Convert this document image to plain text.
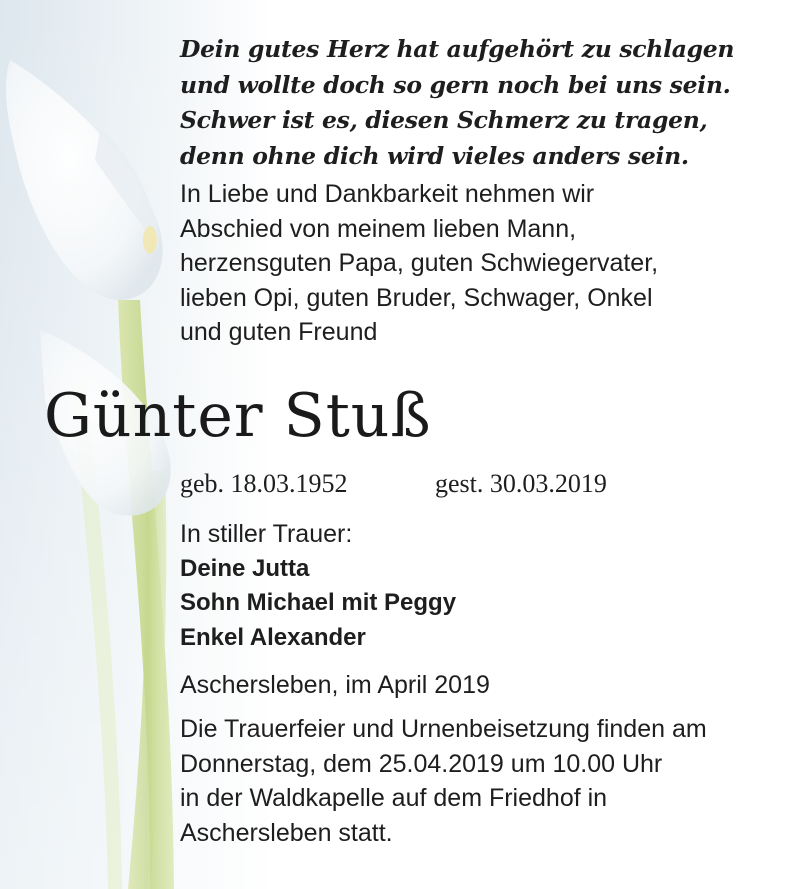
Dein gutes Herz hat aufgehört zu schlagen
und wollte doch so gern noch bei uns sein.
Schwer ist es, diesen Schmerz zu tragen,
denn ohne dich wird vieles anders sein.
In Liebe und Dankbarkeit nehmen wir
Abschied von meinem lieben Mann,
herzensguten Papa, guten Schwiegervater,
lieben Opi, guten Bruder, Schwager, Onkel
und guten Freund
Günter Stuß
geb. 18.03.1952	gest. 30.03.2019
In stiller Trauer:
Deine Jutta
Sohn Michael mit Peggy
Enkel Alexander
Aschersleben, im April 2019
Die Trauerfeier und Urnenbeisetzung finden am
Donnerstag, dem 25.04.2019 um 10.00 Uhr
in der Waldkapelle auf dem Friedhof in
Aschersleben statt.
